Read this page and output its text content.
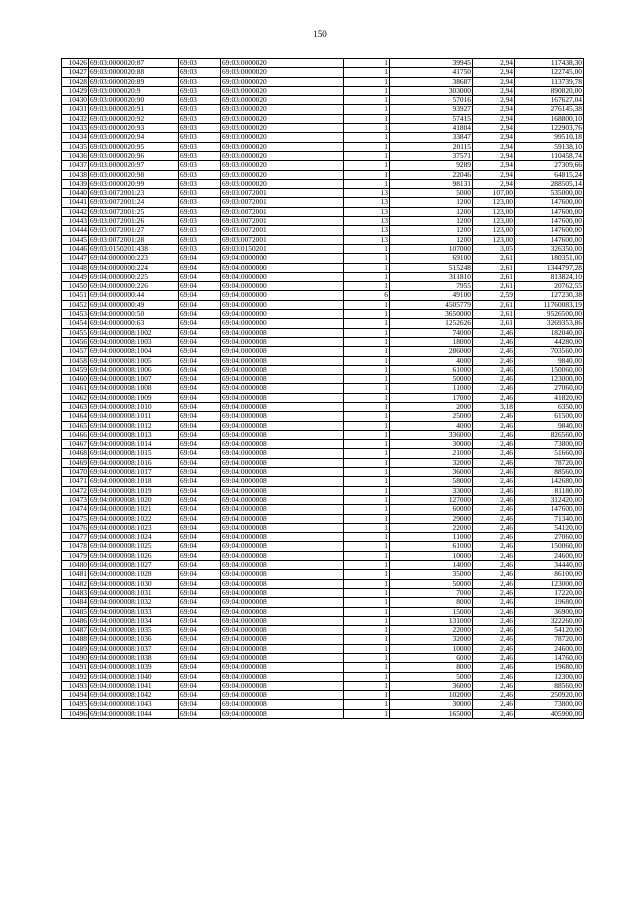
150
10426	69:03:0000020:87	69:03	69:03:0000020	1	39945	2,94	117438,30
10427	69:03:0000020:88	69:03	69:03:0000020	1	41750	2,94	122745,00
10428	69:03:0000020:89	69:03	69:03:0000020	1	38687	2,94	113739,78
10429	69:03:0000020:9	69:03	69:03:0000020	1	303000	2,94	890820,00
10430	69:03:0000020:90	69:03	69:03:0000020	1	57016	2,94	167627,04
10431	69:03:0000020:91	69:03	69:03:0000020	1	93927	2,94	276145,38
10432	69:03:0000020:92	69:03	69:03:0000020	1	57415	2,94	168800,10
10433	69:03:0000020:93	69:03	69:03:0000020	1	41804	2,94	122903,76
10434	69:03:0000020:94	69:03	69:03:0000020	1	33847	2,94	99510,18
10435	69:03:0000020:95	69:03	69:03:0000020	1	20115	2,94	59138,10
10436	69:03:0000020:96	69:03	69:03:0000020	1	37571	2,94	110458,74
10437	69:03:0000020:97	69:03	69:03:0000020	1	9289	2,94	27309,66
10438	69:03:0000020:98	69:03	69:03:0000020	1	22046	2,94	64815,24
10439	69:03:0000020:99	69:03	69:03:0000020	1	98131	2,94	288505,14
10440	69:03:0072001:23	69:03	69:03:0072001	13	5000	107,00	535000,00
10441	69:03:0072001:24	69:03	69:03:0072001	13	1200	123,00	147600,00
10442	69:03:0072001:25	69:03	69:03:0072001	13	1200	123,00	147600,00
10443	69:03:0072001:26	69:03	69:03:0072001	13	1200	123,00	147600,00
10444	69:03:0072001:27	69:03	69:03:0072001	13	1200	123,00	147600,00
10445	69:03:0072001:28	69:03	69:03:0072001	13	1200	123,00	147600,00
10446	69:03:0150201:438	69:03	69:03:0150201	1	107000	3,05	326350,00
10447	69:04:0000000:223	69:04	69:04:0000000	1	69100	2,61	180351,00
10448	69:04:0000000:224	69:04	69:04:0000000	1	515248	2,61	1344797,28
10449	69:04:0000000:225	69:04	69:04:0000000	1	311810	2,61	813824,10
10450	69:04:0000000:226	69:04	69:04:0000000	1	7955	2,61	20762,55
10451	69:04:0000000:44	69:04	69:04:0000000	6	49100	2,59	127230,38
10452	69:04:0000000:49	69:04	69:04:0000000	1	4505779	2,61	11760083,19
10453	69:04:0000000:50	69:04	69:04:0000000	1	3650000	2,61	9526500,00
10454	69:04:0000000:63	69:04	69:04:0000000	1	1252626	2,61	3269353,86
10455	69:04:0000008:1002	69:04	69:04:0000008	1	74000	2,46	182040,00
10456	69:04:0000008:1003	69:04	69:04:0000008	1	18000	2,46	44280,00
10457	69:04:0000008:1004	69:04	69:04:0000008	1	286000	2,46	703560,00
10458	69:04:0000008:1005	69:04	69:04:0000008	1	4000	2,46	9840,00
10459	69:04:0000008:1006	69:04	69:04:0000008	1	61000	2,46	150060,00
10460	69:04:0000008:1007	69:04	69:04:0000008	1	50000	2,46	123000,00
10461	69:04:0000008:1008	69:04	69:04:0000008	1	11000	2,46	27060,00
10462	69:04:0000008:1009	69:04	69:04:0000008	1	17000	2,46	41820,00
10463	69:04:0000008:1010	69:04	69:04:0000008	1	2000	3,18	6350,00
10464	69:04:0000008:1011	69:04	69:04:0000008	1	25000	2,46	61500,00
10465	69:04:0000008:1012	69:04	69:04:0000008	1	4000	2,46	9840,00
10466	69:04:0000008:1013	69:04	69:04:0000008	1	336000	2,46	826560,00
10467	69:04:0000008:1014	69:04	69:04:0000008	1	30000	2,46	73800,00
10468	69:04:0000008:1015	69:04	69:04:0000008	1	21000	2,46	51660,00
10469	69:04:0000008:1016	69:04	69:04:0000008	1	32000	2,46	78720,00
10470	69:04:0000008:1017	69:04	69:04:0000008	1	36000	2,46	88560,00
10471	69:04:0000008:1018	69:04	69:04:0000008	1	58000	2,46	142680,00
10472	69:04:0000008:1019	69:04	69:04:0000008	1	33000	2,46	81180,00
10473	69:04:0000008:1020	69:04	69:04:0000008	1	127000	2,46	312420,00
10474	69:04:0000008:1021	69:04	69:04:0000008	1	60000	2,46	147600,00
10475	69:04:0000008:1022	69:04	69:04:0000008	1	29000	2,46	71340,00
10476	69:04:0000008:1023	69:04	69:04:0000008	1	22000	2,46	54120,00
10477	69:04:0000008:1024	69:04	69:04:0000008	1	11000	2,46	27060,00
10478	69:04:0000008:1025	69:04	69:04:0000008	1	61000	2,46	150060,00
10479	69:04:0000008:1026	69:04	69:04:0000008	1	10000	2,46	24600,00
10480	69:04:0000008:1027	69:04	69:04:0000008	1	14000	2,46	34440,00
10481	69:04:0000008:1028	69:04	69:04:0000008	1	35000	2,46	86100,00
10482	69:04:0000008:1030	69:04	69:04:0000008	1	50000	2,46	123000,00
10483	69:04:0000008:1031	69:04	69:04:0000008	1	7000	2,46	17220,00
10484	69:04:0000008:1032	69:04	69:04:0000008	1	8000	2,46	19680,00
10485	69:04:0000008:1033	69:04	69:04:0000008	1	15000	2,46	36900,00
10486	69:04:0000008:1034	69:04	69:04:0000008	1	131000	2,46	322260,00
10487	69:04:0000008:1035	69:04	69:04:0000008	1	22000	2,46	54120,00
10488	69:04:0000008:1036	69:04	69:04:0000008	1	32000	2,46	78720,00
10489	69:04:0000008:1037	69:04	69:04:0000008	1	10000	2,46	24600,00
10490	69:04:0000008:1038	69:04	69:04:0000008	1	6000	2,46	14760,00
10491	69:04:0000008:1039	69:04	69:04:0000008	1	8000	2,46	19680,00
10492	69:04:0000008:1040	69:04	69:04:0000008	1	5000	2,46	12300,00
10493	69:04:0000008:1041	69:04	69:04:0000008	1	36000	2,46	88560,00
10494	69:04:0000008:1042	69:04	69:04:0000008	1	102000	2,46	250920,00
10495	69:04:0000008:1043	69:04	69:04:0000008	1	30000	2,46	73800,00
10496	69:04:0000008:1044	69:04	69:04:0000008	1	165000	2,46	405900,00
